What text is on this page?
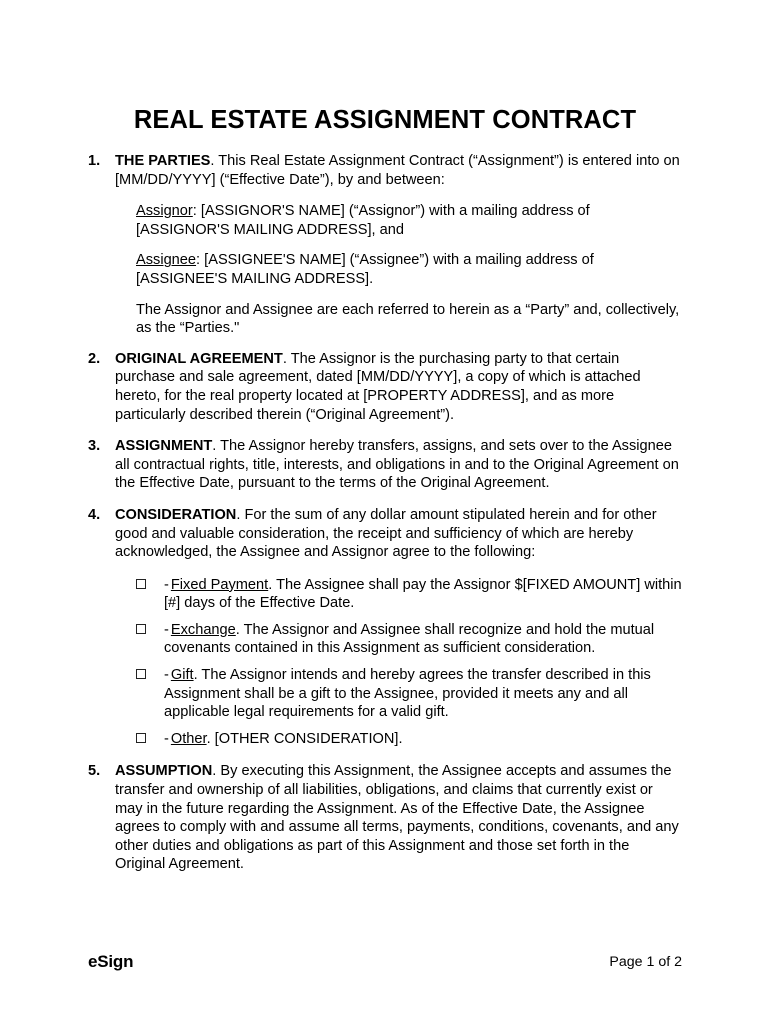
REAL ESTATE ASSIGNMENT CONTRACT
1. THE PARTIES. This Real Estate Assignment Contract (“Assignment”) is entered into on [MM/DD/YYYY] (“Effective Date”), by and between:
Assignor: [ASSIGNOR'S NAME] (“Assignor”) with a mailing address of [ASSIGNOR'S MAILING ADDRESS], and
Assignee: [ASSIGNEE'S NAME] (“Assignee”) with a mailing address of [ASSIGNEE'S MAILING ADDRESS].
The Assignor and Assignee are each referred to herein as a “Party” and, collectively, as the “Parties."
2. ORIGINAL AGREEMENT. The Assignor is the purchasing party to that certain purchase and sale agreement, dated [MM/DD/YYYY], a copy of which is attached hereto, for the real property located at [PROPERTY ADDRESS], and as more particularly described therein (“Original Agreement”).
3. ASSIGNMENT. The Assignor hereby transfers, assigns, and sets over to the Assignee all contractual rights, title, interests, and obligations in and to the Original Agreement on the Effective Date, pursuant to the terms of the Original Agreement.
4. CONSIDERATION. For the sum of any dollar amount stipulated herein and for other good and valuable consideration, the receipt and sufficiency of which are hereby acknowledged, the Assignee and Assignor agree to the following:
- Fixed Payment. The Assignee shall pay the Assignor $[FIXED AMOUNT] within [#] days of the Effective Date.
- Exchange. The Assignor and Assignee shall recognize and hold the mutual covenants contained in this Assignment as sufficient consideration.
- Gift. The Assignor intends and hereby agrees the transfer described in this Assignment shall be a gift to the Assignee, provided it meets any and all applicable legal requirements for a valid gift.
- Other. [OTHER CONSIDERATION].
5. ASSUMPTION. By executing this Assignment, the Assignee accepts and assumes the transfer and ownership of all liabilities, obligations, and claims that currently exist or may in the future regarding the Assignment. As of the Effective Date, the Assignee agrees to comply with and assume all terms, payments, conditions, covenants, and any other duties and obligations as part of this Assignment and those set forth in the Original Agreement.
eSign	Page 1 of 2
